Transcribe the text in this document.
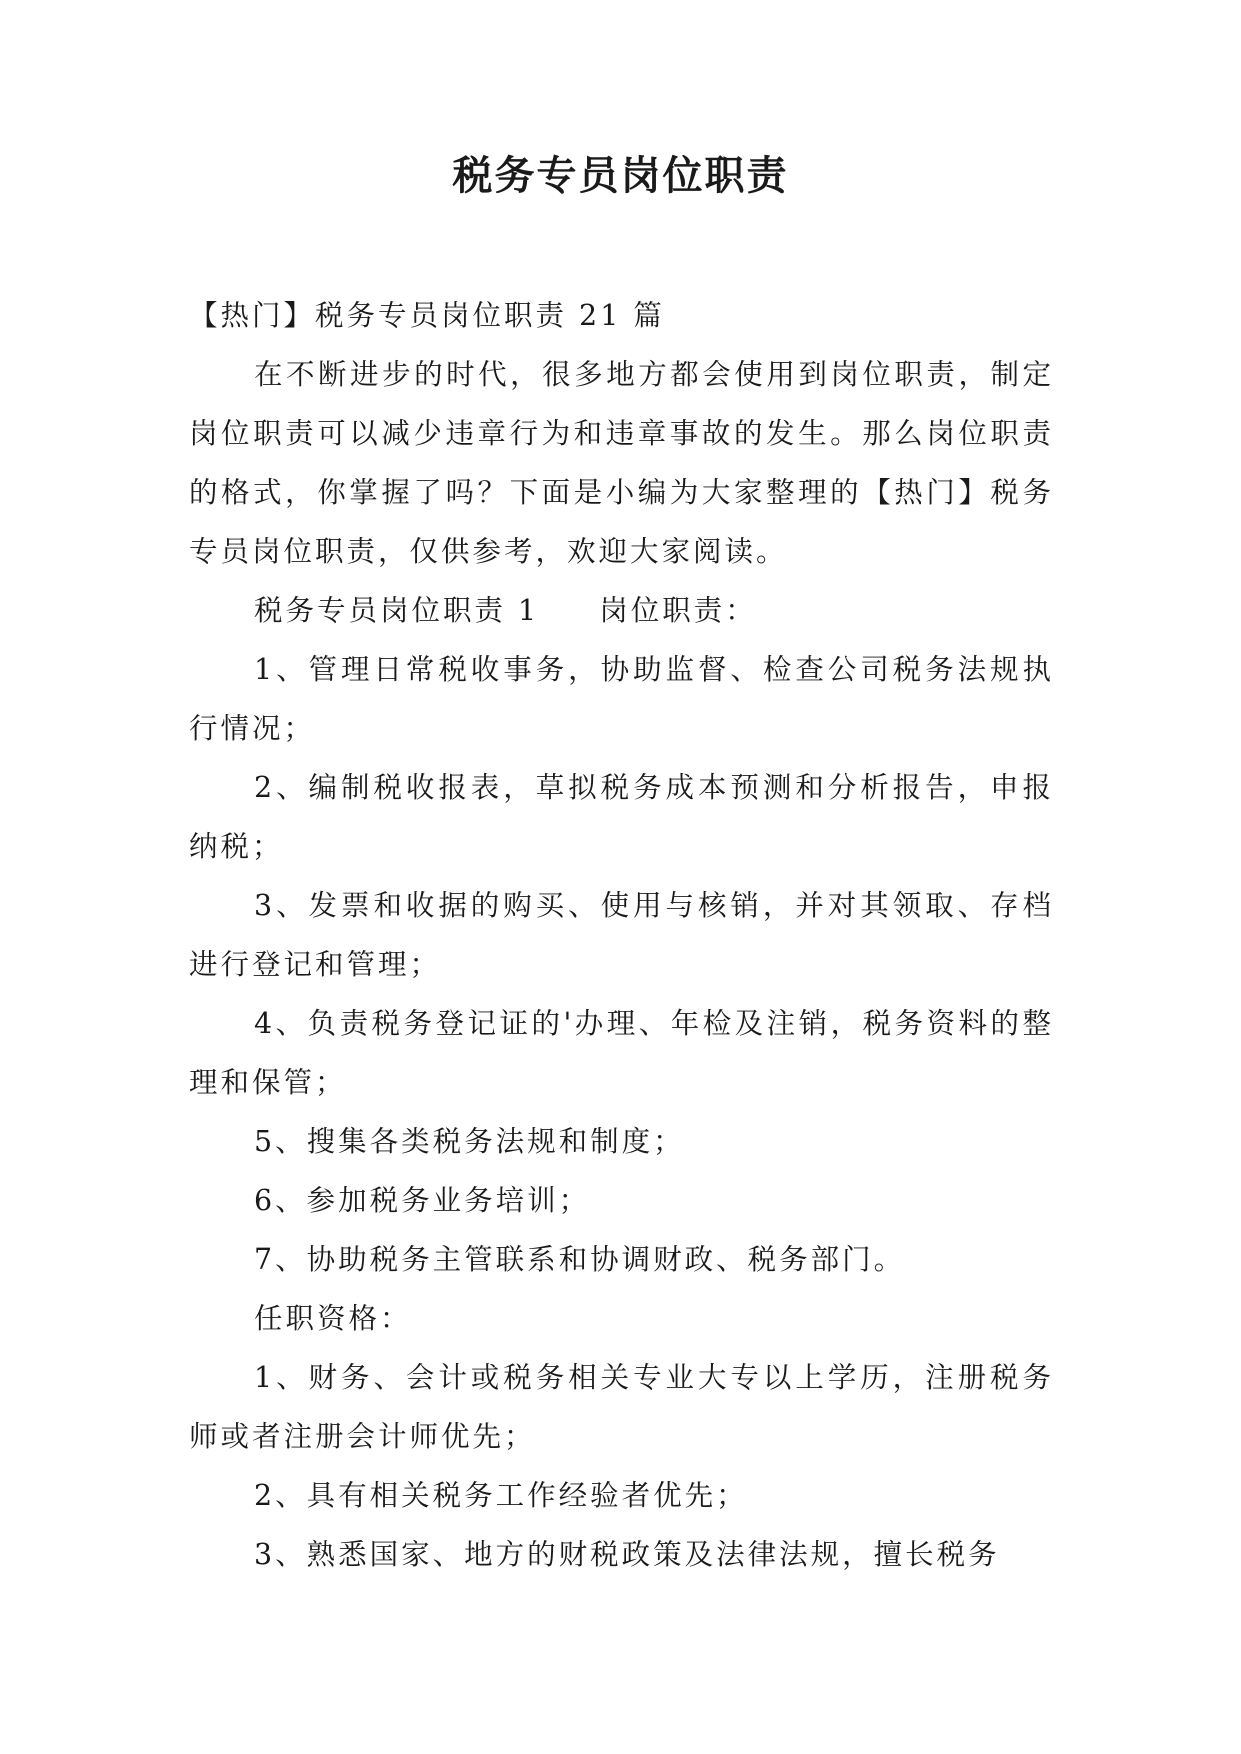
税务专员岗位职责

【热门】税务专员岗位职责 21 篇

在不断进步的时代，很多地方都会使用到岗位职责，制定岗位职责可以减少违章行为和违章事故的发生。那么岗位职责的格式，你掌握了吗？下面是小编为大家整理的【热门】税务专员岗位职责，仅供参考，欢迎大家阅读。

税务专员岗位职责 1 岗位职责：

1、管理日常税收事务，协助监督、检查公司税务法规执行情况；

2、编制税收报表，草拟税务成本预测和分析报告，申报纳税；

3、发票和收据的购买、使用与核销，并对其领取、存档进行登记和管理；

4、负责税务登记证的'办理、年检及注销，税务资料的整理和保管；

5、搜集各类税务法规和制度；

6、参加税务业务培训；

7、协助税务主管联系和协调财政、税务部门。

任职资格：

1、财务、会计或税务相关专业大专以上学历，注册税务师或者注册会计师优先；

2、具有相关税务工作经验者优先；

3、熟悉国家、地方的财税政策及法律法规，擅长税务
